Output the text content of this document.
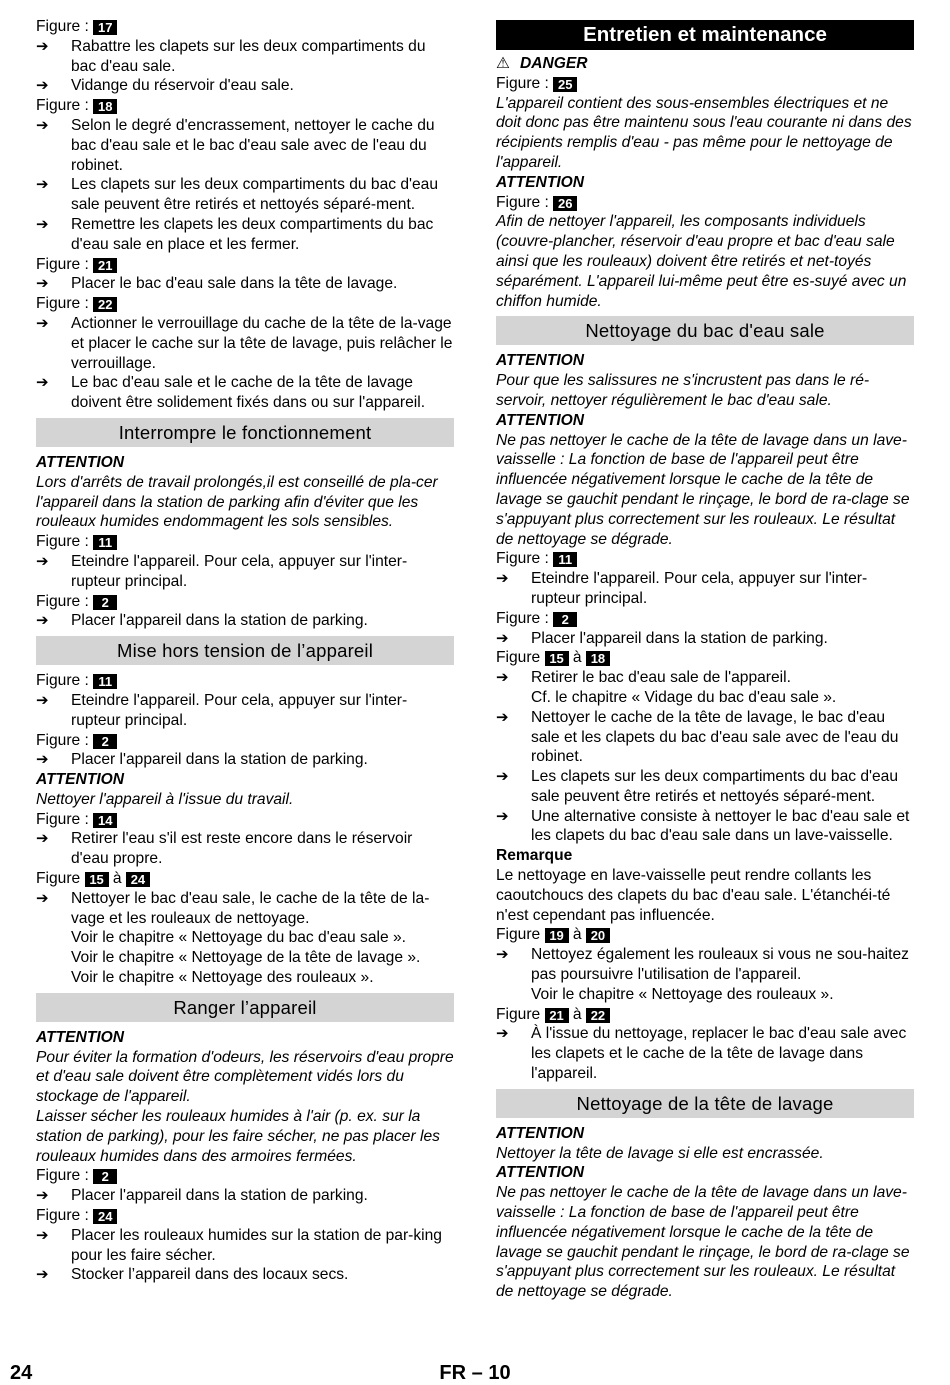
Figure : 17
➔
Rabattre les clapets sur les deux compartiments du bac d'eau sale.
➔
Vidange du réservoir d'eau sale.
Figure : 18
➔
Selon le degré d'encrassement, nettoyer le cache du bac d'eau sale et le bac d'eau sale avec de l'eau du robinet.
➔
Les clapets sur les deux compartiments du bac d'eau sale peuvent être retirés et nettoyés séparé-ment.
➔
Remettre les clapets les deux compartiments du bac d'eau sale en place et les fermer.
Figure : 21
➔
Placer le bac d'eau sale dans la tête de lavage.
Figure : 22
➔
Actionner le verrouillage du cache de la tête de la-vage et placer le cache sur la tête de lavage, puis relâcher le verrouillage.
➔
Le bac d'eau sale et le cache de la tête de lavage doivent être solidement fixés dans ou sur l'appareil.
Interrompre le fonctionnement
ATTENTION
Lors d'arrêts de travail prolongés,il est conseillé de pla-cer l'appareil dans la station de parking afin d'éviter que les rouleaux humides endommagent les sols sensibles.
Figure : 11
➔
Eteindre l'appareil. Pour cela, appuyer sur l'inter-rupteur principal.
Figure : 2
➔
Placer l'appareil dans la station de parking.
Mise hors tension de l’appareil
Figure : 11
➔
Eteindre l'appareil. Pour cela, appuyer sur l'inter-rupteur principal.
Figure : 2
➔
Placer l'appareil dans la station de parking.
ATTENTION
Nettoyer l'appareil à l'issue du travail.
Figure : 14
➔
Retirer l'eau s'il est reste encore dans le réservoir d'eau propre.
Figure 15 à 24
➔
Nettoyer le bac d'eau sale, le cache de la tête de la-vage et les rouleaux de nettoyage.
Voir le chapitre « Nettoyage du bac d'eau sale ».
Voir le chapitre « Nettoyage de la tête de lavage ».
Voir le chapitre « Nettoyage des rouleaux ».
Ranger l’appareil
ATTENTION
Pour éviter la formation d'odeurs, les réservoirs d'eau propre et d'eau sale doivent être complètement vidés lors du stockage de l'appareil.
Laisser sécher les rouleaux humides à l'air (p. ex. sur la station de parking), pour les faire sécher, ne pas placer les rouleaux humides dans des armoires fermées.
Figure : 2
➔
Placer l'appareil dans la station de parking.
Figure : 24
➔
Placer les rouleaux humides sur la station de par-king pour les faire sécher.
➔
Stocker l’appareil dans des locaux secs.
Entretien et maintenance
⚠ DANGER
Figure : 25
L'appareil contient des sous-ensembles électriques et ne doit donc pas être maintenu sous l'eau courante ni dans des récipients remplis d'eau - pas même pour le nettoyage de l'appareil.
ATTENTION
Figure : 26
Afin de nettoyer l'appareil, les composants individuels (couvre-plancher, réservoir d'eau propre et bac d'eau sale ainsi que les rouleaux) doivent être retirés et net-toyés séparément. L'appareil lui-même peut être es-suyé avec un chiffon humide.
Nettoyage du bac d'eau sale
ATTENTION
Pour que les salissures ne s'incrustent pas dans le ré-servoir, nettoyer régulièrement le bac d'eau sale.
ATTENTION
Ne pas nettoyer le cache de la tête de lavage dans un lave-vaisselle : La fonction de base de l'appareil peut être influencée négativement lorsque le cache de la tête de lavage se gauchit pendant le rinçage, le bord de ra-clage se s'appuyant plus correctement sur les rouleaux. Le résultat de nettoyage se dégrade.
Figure : 11
➔
Eteindre l'appareil. Pour cela, appuyer sur l'inter-rupteur principal.
Figure : 2
➔
Placer l'appareil dans la station de parking.
Figure 15 à 18
➔
Retirer le bac d'eau sale de l'appareil.
Cf. le chapitre « Vidage du bac d'eau sale ».
➔
Nettoyer le cache de la tête de lavage, le bac d'eau sale et les clapets du bac d'eau sale avec de l'eau du robinet.
➔
Les clapets sur les deux compartiments du bac d'eau sale peuvent être retirés et nettoyés séparé-ment.
➔
Une alternative consiste à nettoyer le bac d'eau sale et les clapets du bac d'eau sale dans un lave-vaisselle.
Remarque
Le nettoyage en lave-vaisselle peut rendre collants les caoutchoucs des clapets du bac d'eau sale. L'étanchéi-té n'est cependant pas influencée.
Figure 19 à 20
➔
Nettoyez également les rouleaux si vous ne sou-haitez pas poursuivre l'utilisation de l'appareil.
Voir le chapitre « Nettoyage des rouleaux ».
Figure 21 à 22
➔
À l'issue du nettoyage, replacer le bac d'eau sale avec les clapets et le cache de la tête de lavage dans l'appareil.
Nettoyage de la tête de lavage
ATTENTION
Nettoyer la tête de lavage si elle est encrassée.
ATTENTION
Ne pas nettoyer le cache de la tête de lavage dans un lave-vaisselle : La fonction de base de l'appareil peut être influencée négativement lorsque le cache de la tête de lavage se gauchit pendant le rinçage, le bord de ra-clage se s'appuyant plus correctement sur les rouleaux. Le résultat de nettoyage se dégrade.
24	FR – 10
